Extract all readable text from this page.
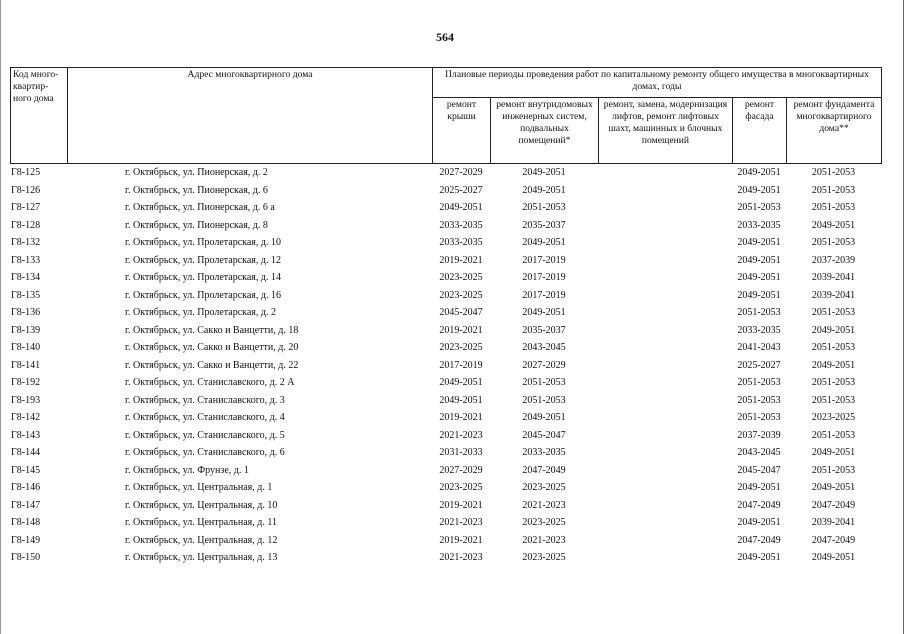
564
Код много-квартир-ного дома	Адрес многоквартирного дома	Плановые периоды проведения работ по капитальному ремонту общего имущества в многоквартирных домах, годы				
		ремонт крыши	ремонт внутридомовых инженерных систем, подвальных помещений*	ремонт, замена, модернизация лифтов, ремонт лифтовых шахт, машинных и блочных помещений	ремонт фасада	ремонт фундамента многоквартирного дома**
Г8-125	г. Октябрьск, ул. Пионерская, д. 2	2027-2029	2049-2051		2049-2051	2051-2053
Г8-126	г. Октябрьск, ул. Пионерская, д. 6	2025-2027	2049-2051		2049-2051	2051-2053
Г8-127	г. Октябрьск, ул. Пионерская, д. 6 а	2049-2051	2051-2053		2051-2053	2051-2053
Г8-128	г. Октябрьск, ул. Пионерская, д. 8	2033-2035	2035-2037		2033-2035	2049-2051
Г8-132	г. Октябрьск, ул. Пролетарская, д. 10	2033-2035	2049-2051		2049-2051	2051-2053
Г8-133	г. Октябрьск, ул. Пролетарская, д. 12	2019-2021	2017-2019		2049-2051	2037-2039
Г8-134	г. Октябрьск, ул. Пролетарская, д. 14	2023-2025	2017-2019		2049-2051	2039-2041
Г8-135	г. Октябрьск, ул. Пролетарская, д. 16	2023-2025	2017-2019		2049-2051	2039-2041
Г8-136	г. Октябрьск, ул. Пролетарская, д. 2	2045-2047	2049-2051		2051-2053	2051-2053
Г8-139	г. Октябрьск, ул. Сакко и Ванцетти, д. 18	2019-2021	2035-2037		2033-2035	2049-2051
Г8-140	г. Октябрьск, ул. Сакко и Ванцетти, д. 20	2023-2025	2043-2045		2041-2043	2051-2053
Г8-141	г. Октябрьск, ул. Сакко и Ванцетти, д. 22	2017-2019	2027-2029		2025-2027	2049-2051
Г8-192	г. Октябрьск, ул. Станиславского, д. 2 А	2049-2051	2051-2053		2051-2053	2051-2053
Г8-193	г. Октябрьск, ул. Станиславского, д. 3	2049-2051	2051-2053		2051-2053	2051-2053
Г8-142	г. Октябрьск, ул. Станиславского, д. 4	2019-2021	2049-2051		2051-2053	2023-2025
Г8-143	г. Октябрьск, ул. Станиславского, д. 5	2021-2023	2045-2047		2037-2039	2051-2053
Г8-144	г. Октябрьск, ул. Станиславского, д. 6	2031-2033	2033-2035		2043-2045	2049-2051
Г8-145	г. Октябрьск, ул. Фрунзе, д. 1	2027-2029	2047-2049		2045-2047	2051-2053
Г8-146	г. Октябрьск, ул. Центральная, д. 1	2023-2025	2023-2025		2049-2051	2049-2051
Г8-147	г. Октябрьск, ул. Центральная, д. 10	2019-2021	2021-2023		2047-2049	2047-2049
Г8-148	г. Октябрьск, ул. Центральная, д. 11	2021-2023	2023-2025		2049-2051	2039-2041
Г8-149	г. Октябрьск, ул. Центральная, д. 12	2019-2021	2021-2023		2047-2049	2047-2049
Г8-150	г. Октябрьск, ул. Центральная, д. 13	2021-2023	2023-2025		2049-2051	2049-2051
